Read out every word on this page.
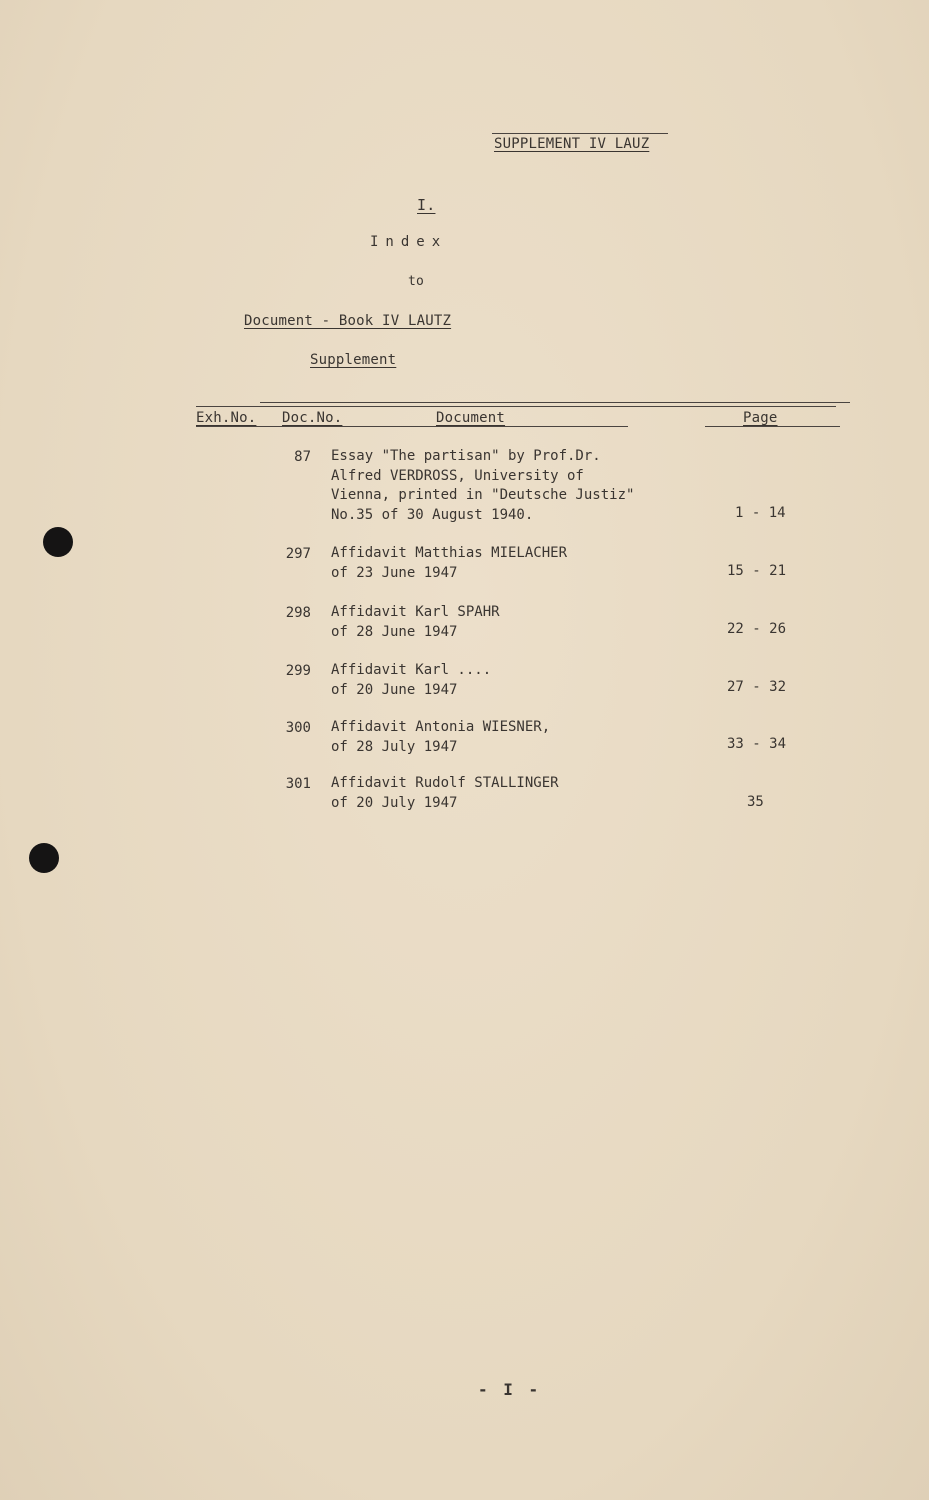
SUPPLEMENT IV LAUZ
I.
Index
to
Document - Book IV LAUTZ
Supplement
Exh.No. Doc.No.	Document	Page
87 Essay "The partisan" by Prof.Dr.
Alfred VERDROSS, University of
Vienna, printed in "Deutsche Justiz"
No.35 of 30 August 1940.	1 - 14
297 Affidavit Matthias MIELACHER
of 23 June 1947	15 - 21
298 Affidavit Karl SPAHR
of 28 June 1947	22 - 26
299 Affidavit Karl ....
of 20 June 1947	27 - 32
300 Affidavit Antonia WIESNER,
of 28 July 1947	33 - 34
301 Affidavit Rudolf STALLINGER
of 20 July 1947	35
- I -
